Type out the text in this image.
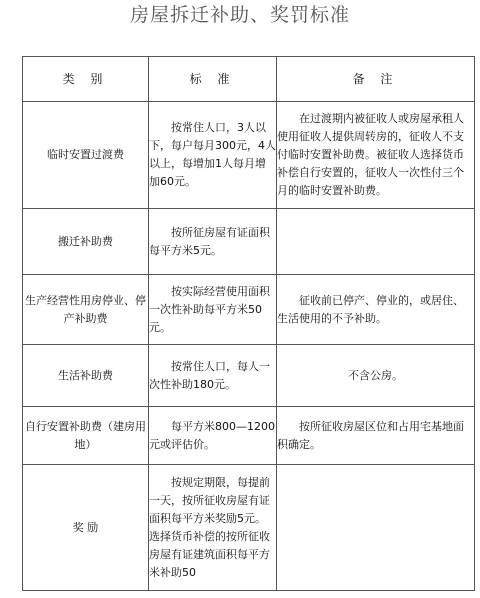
房屋拆迁补助、奖罚标准
类 别	标 准	备 注
临时安置过渡费	按常住人口，3人以下，每户每月300元，4人以上，每增加1人每月增加60元。	在过渡期内被征收人或房屋承租人使用征收人提供周转房的，征收人不支付临时安置补助费。被征收人选择货币补偿自行安置的，征收人一次性付三个月的临时安置补助费。
搬迁补助费	按所征房屋有证面积每平方米5元。	
生产经营性用房停业、停产补助费	按实际经营使用面积一次性补助每平方米50元。	征收前已停产、停业的，或居住、生活使用的不予补助。
生活补助费	按常住人口，每人一次性补助180元。	不含公房。
自行安置补助费（建房用地）	每平方米800—1200元或评估价。	按所征收房屋区位和占用宅基地面积确定。
奖 励	按规定期限，每提前一天，按所征收房屋有证面积每平方米奖励5元。选择货币补偿的按所征收房屋有证建筑面积每平方米补助50	
